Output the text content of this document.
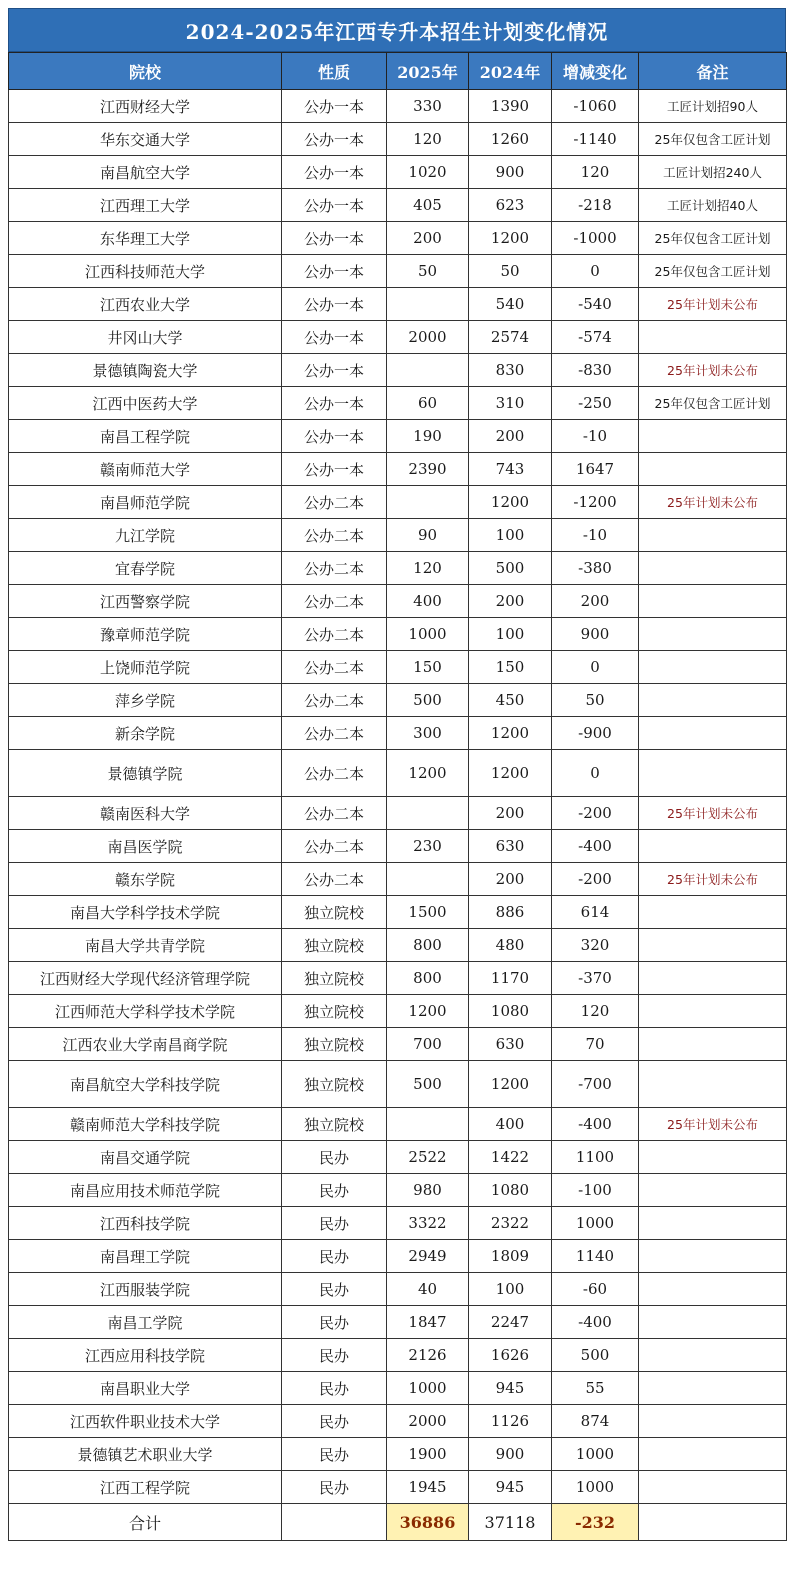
2024-2025年江西专升本招生计划变化情况
院校	性质	2025年	2024年	增减变化	备注
江西财经大学	公办一本	330	1390	-1060	工匠计划招90人
华东交通大学	公办一本	120	1260	-1140	25年仅包含工匠计划
南昌航空大学	公办一本	1020	900	120	工匠计划招240人
江西理工大学	公办一本	405	623	-218	工匠计划招40人
东华理工大学	公办一本	200	1200	-1000	25年仅包含工匠计划
江西科技师范大学	公办一本	50	50	0	25年仅包含工匠计划
江西农业大学	公办一本		540	-540	25年计划未公布
井冈山大学	公办一本	2000	2574	-574	
景德镇陶瓷大学	公办一本		830	-830	25年计划未公布
江西中医药大学	公办一本	60	310	-250	25年仅包含工匠计划
南昌工程学院	公办一本	190	200	-10	
赣南师范大学	公办一本	2390	743	1647	
南昌师范学院	公办二本		1200	-1200	25年计划未公布
九江学院	公办二本	90	100	-10	
宜春学院	公办二本	120	500	-380	
江西警察学院	公办二本	400	200	200	
豫章师范学院	公办二本	1000	100	900	
上饶师范学院	公办二本	150	150	0	
萍乡学院	公办二本	500	450	50	
新余学院	公办二本	300	1200	-900	
景德镇学院	公办二本	1200	1200	0	
赣南医科大学	公办二本		200	-200	25年计划未公布
南昌医学院	公办二本	230	630	-400	
赣东学院	公办二本		200	-200	25年计划未公布
南昌大学科学技术学院	独立院校	1500	886	614	
南昌大学共青学院	独立院校	800	480	320	
江西财经大学现代经济管理学院	独立院校	800	1170	-370	
江西师范大学科学技术学院	独立院校	1200	1080	120	
江西农业大学南昌商学院	独立院校	700	630	70	
南昌航空大学科技学院	独立院校	500	1200	-700	
赣南师范大学科技学院	独立院校		400	-400	25年计划未公布
南昌交通学院	民办	2522	1422	1100	
南昌应用技术师范学院	民办	980	1080	-100	
江西科技学院	民办	3322	2322	1000	
南昌理工学院	民办	2949	1809	1140	
江西服装学院	民办	40	100	-60	
南昌工学院	民办	1847	2247	-400	
江西应用科技学院	民办	2126	1626	500	
南昌职业大学	民办	1000	945	55	
江西软件职业技术大学	民办	2000	1126	874	
景德镇艺术职业大学	民办	1900	900	1000	
江西工程学院	民办	1945	945	1000	
合计		36886	37118	-232	
